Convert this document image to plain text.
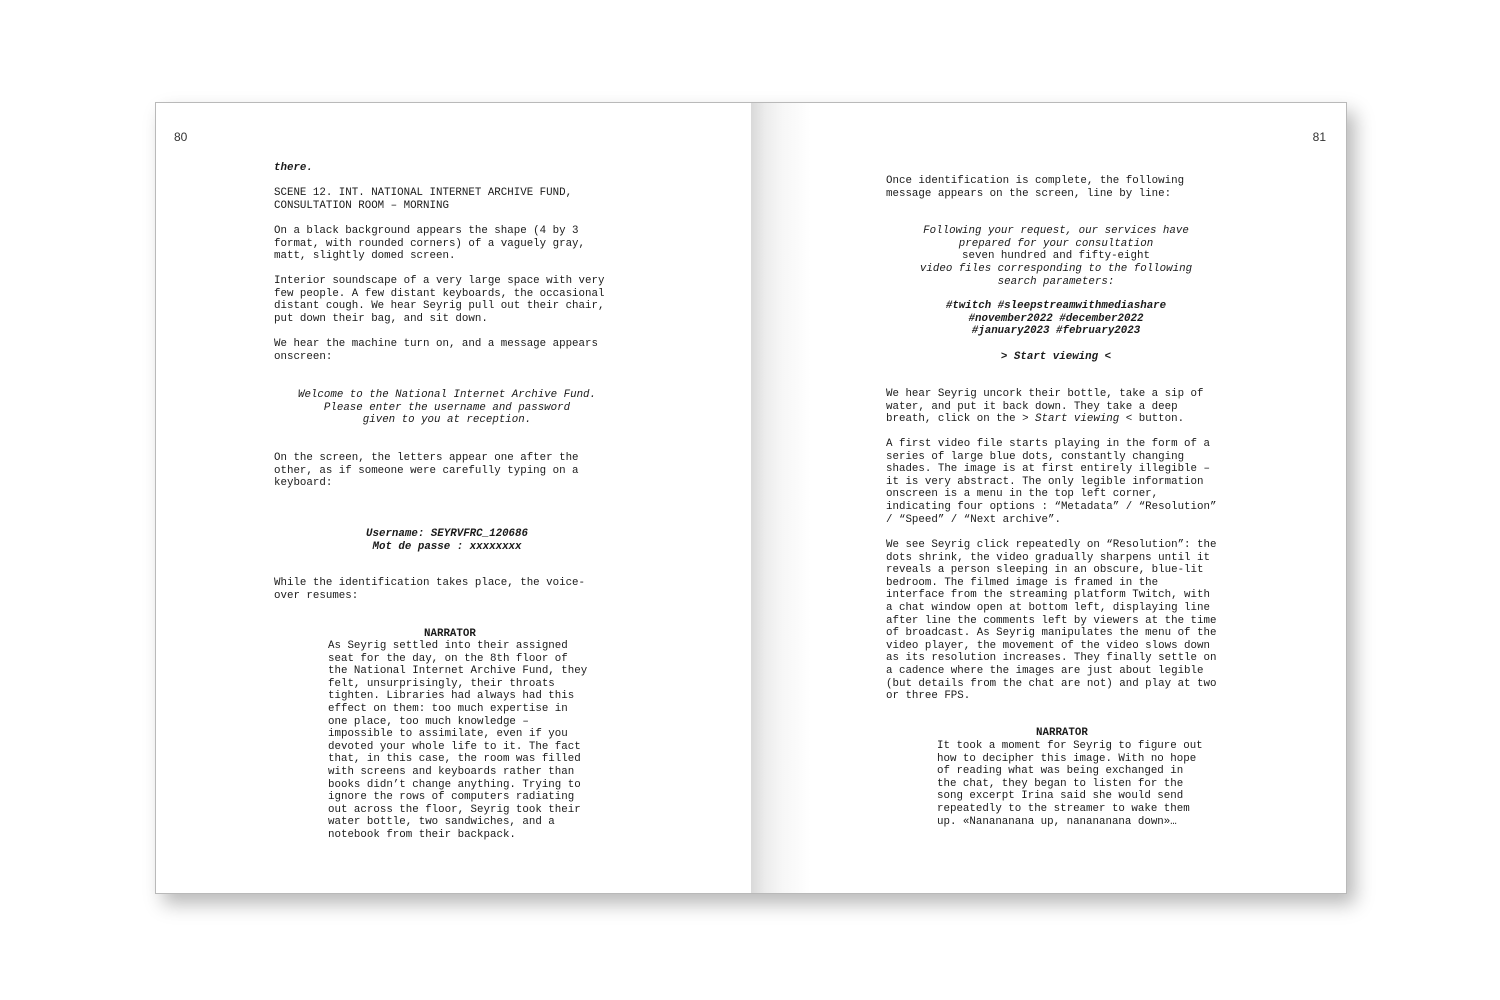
80
there.
SCENE 12. INT. NATIONAL INTERNET ARCHIVE FUND,
CONSULTATION ROOM – MORNING
On a black background appears the shape (4 by 3
format, with rounded corners) of a vaguely gray,
matt, slightly domed screen.
Interior soundscape of a very large space with very
few people. A few distant keyboards, the occasional
distant cough. We hear Seyrig pull out their chair,
put down their bag, and sit down.
We hear the machine turn on, and a message appears
onscreen:
Welcome to the National Internet Archive Fund.
Please enter the username and password
given to you at reception.
On the screen, the letters appear one after the
other, as if someone were carefully typing on a
keyboard:
Username: SEYRVFRC_120686
Mot de passe : xxxxxxxx
While the identification takes place, the voice-
over resumes:
NARRATOR
As Seyrig settled into their assigned
seat for the day, on the 8th floor of
the National Internet Archive Fund, they
felt, unsurprisingly, their throats
tighten. Libraries had always had this
effect on them: too much expertise in
one place, too much knowledge –
impossible to assimilate, even if you
devoted your whole life to it. The fact
that, in this case, the room was filled
with screens and keyboards rather than
books didn’t change anything. Trying to
ignore the rows of computers radiating
out across the floor, Seyrig took their
water bottle, two sandwiches, and a
notebook from their backpack.
81
Once identification is complete, the following
message appears on the screen, line by line:
Following your request, our services have
prepared for your consultation
seven hundred and fifty-eight
video files corresponding to the following
search parameters:
#twitch #sleepstreamwithmediashare
#november2022 #december2022
#january2023 #february2023
> Start viewing <
We hear Seyrig uncork their bottle, take a sip of
water, and put it back down. They take a deep
breath, click on the > Start viewing < button.
A first video file starts playing in the form of a
series of large blue dots, constantly changing
shades. The image is at first entirely illegible –
it is very abstract. The only legible information
onscreen is a menu in the top left corner,
indicating four options : “Metadata” / “Resolution”
/ “Speed” / “Next archive”.
We see Seyrig click repeatedly on “Resolution”: the
dots shrink, the video gradually sharpens until it
reveals a person sleeping in an obscure, blue-lit
bedroom. The filmed image is framed in the
interface from the streaming platform Twitch, with
a chat window open at bottom left, displaying line
after line the comments left by viewers at the time
of broadcast. As Seyrig manipulates the menu of the
video player, the movement of the video slows down
as its resolution increases. They finally settle on
a cadence where the images are just about legible
(but details from the chat are not) and play at two
or three FPS.
NARRATOR
It took a moment for Seyrig to figure out
how to decipher this image. With no hope
of reading what was being exchanged in
the chat, they began to listen for the
song excerpt Irina said she would send
repeatedly to the streamer to wake them
up. «Nanananana up, nanananana down»…
